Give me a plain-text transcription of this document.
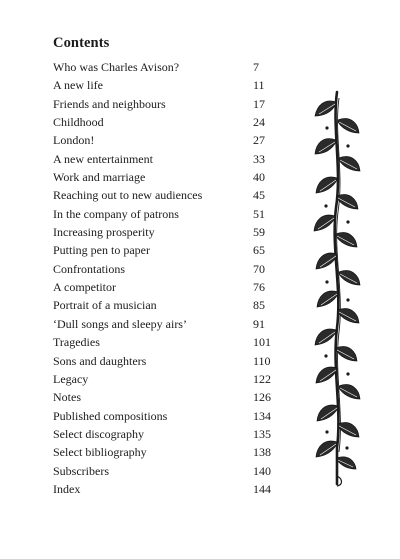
Contents
Who was Charles Avison?	7
A new life	11
Friends and neighbours	17
Childhood	24
London!	27
A new entertainment	33
Work and marriage	40
Reaching out to new audiences	45
In the company of patrons	51
Increasing prosperity	59
Putting pen to paper	65
Confrontations	70
A competitor	76
Portrait of a musician	85
‘Dull songs and sleepy airs’	91
Tragedies	101
Sons and daughters	110
Legacy	122
Notes	126
Published compositions	134
Select discography	135
Select bibliography	138
Subscribers	140
Index	144
